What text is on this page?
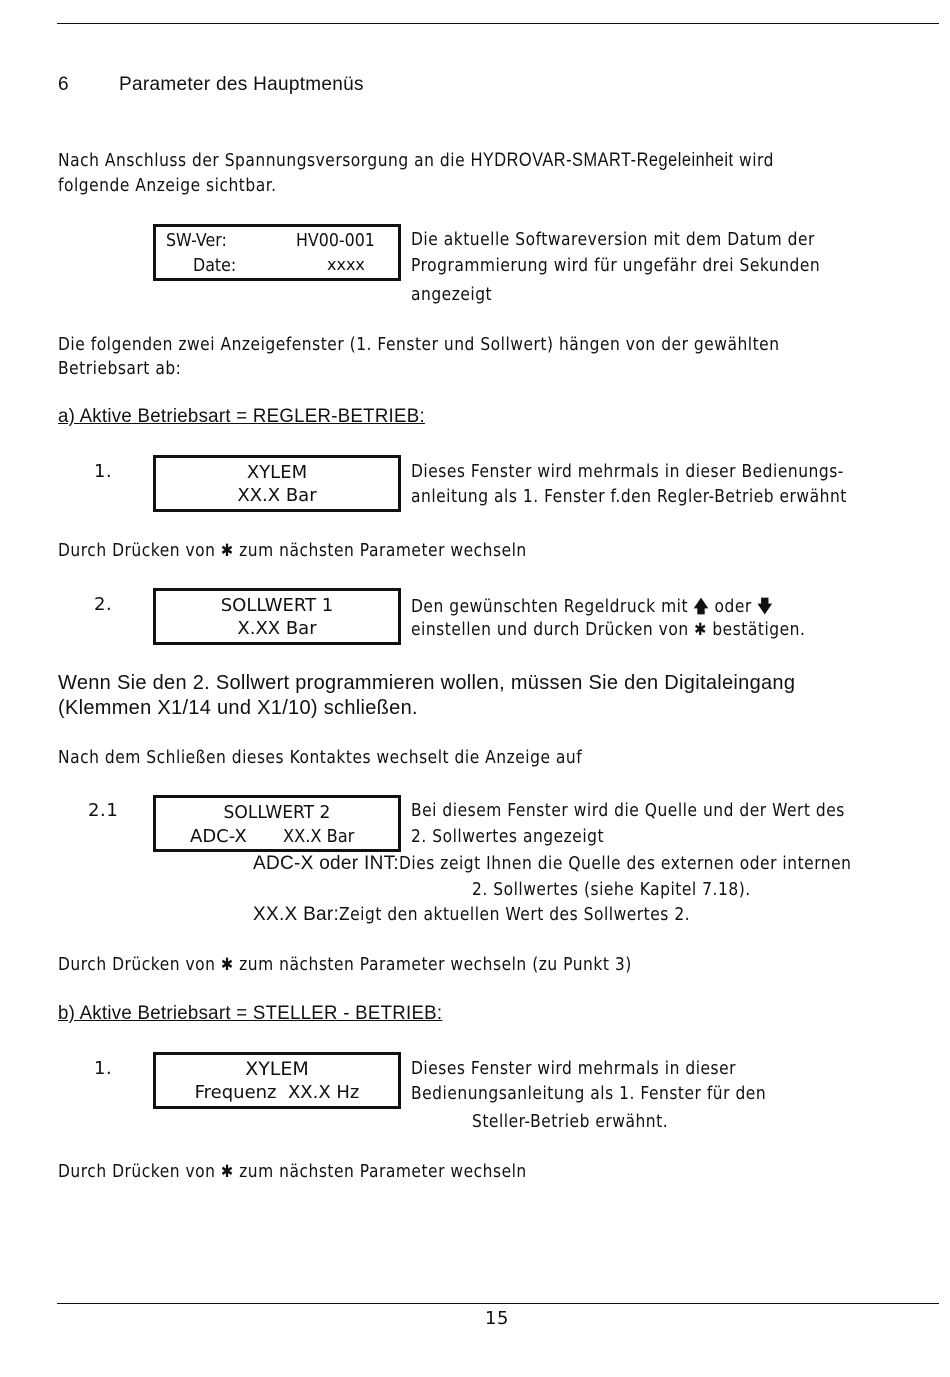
6	Parameter des Hauptmenüs
Nach Anschluss der Spannungsversorgung an die HYDROVAR-SMART-Regeleinheit wird
folgende Anzeige sichtbar.
SW-Ver:	HV00-001
Date:	xxxx
Die aktuelle Softwareversion mit dem Datum der
Programmierung wird für ungefähr drei Sekunden
angezeigt
Die folgenden zwei Anzeigefenster (1. Fenster und Sollwert) hängen von der gewählten
Betriebsart ab:
a) Aktive Betriebsart = REGLER-BETRIEB:
1.	XYLEM
XX.X Bar
Dieses Fenster wird mehrmals in dieser Bedienungs-
anleitung als 1. Fenster f.den Regler-Betrieb erwähnt
Durch Drücken von ✱ zum nächsten Parameter wechseln
2.	SOLLWERT 1
X.XX Bar
Den gewünschten Regeldruck mit 🡅 oder 🡇
einstellen und durch Drücken von ✱ bestätigen.
Wenn Sie den 2. Sollwert programmieren wollen, müssen Sie den Digitaleingang
(Klemmen X1/14 und X1/10) schließen.
Nach dem Schließen dieses Kontaktes wechselt die Anzeige auf
2.1	SOLLWERT 2
ADC-X XX.X Bar
Bei diesem Fenster wird die Quelle und der Wert des
2. Sollwertes angezeigt
ADC-X oder INT:Dies zeigt Ihnen die Quelle des externen oder internen
2. Sollwertes (siehe Kapitel 7.18).
XX.X Bar:Zeigt den aktuellen Wert des Sollwertes 2.
Durch Drücken von ✱ zum nächsten Parameter wechseln (zu Punkt 3)
b) Aktive Betriebsart = STELLER - BETRIEB:
1.	XYLEM
Frequenz  XX.X Hz
Dieses Fenster wird mehrmals in dieser
Bedienungsanleitung als 1. Fenster für den
Steller-Betrieb erwähnt.
Durch Drücken von ✱ zum nächsten Parameter wechseln
15
